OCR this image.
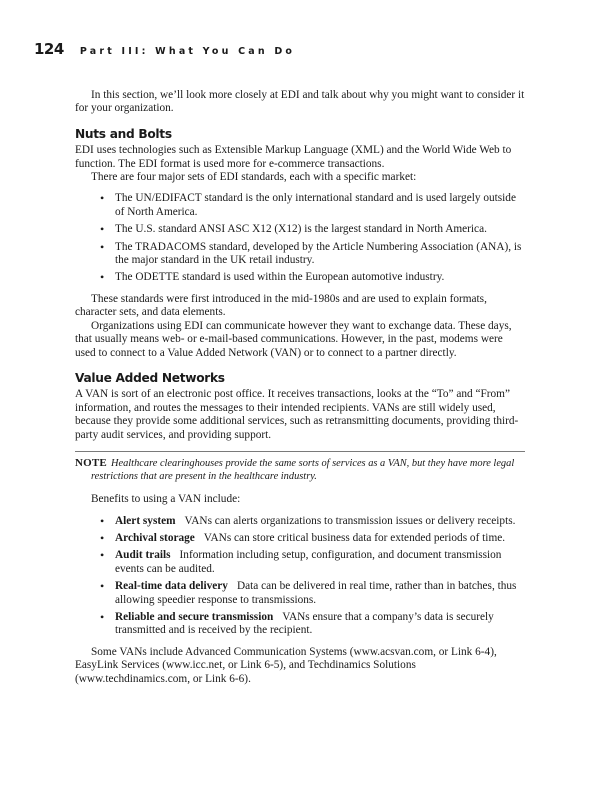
124 Part III: What You Can Do

In this section, we’ll look more closely at EDI and talk about why you might want to consider it for your organization.

Nuts and Bolts

EDI uses technologies such as Extensible Markup Language (XML) and the World Wide Web to function. The EDI format is used more for e-commerce transactions.

There are four major sets of EDI standards, each with a specific market:

• The UN/EDIFACT standard is the only international standard and is used largely outside of North America.
• The U.S. standard ANSI ASC X12 (X12) is the largest standard in North America.
• The TRADACOMS standard, developed by the Article Numbering Association (ANA), is the major standard in the UK retail industry.
• The ODETTE standard is used within the European automotive industry.

These standards were first introduced in the mid-1980s and are used to explain formats, character sets, and data elements.

Organizations using EDI can communicate however they want to exchange data. These days, that usually means web- or e-mail-based communications. However, in the past, modems were used to connect to a Value Added Network (VAN) or to connect to a partner directly.

Value Added Networks

A VAN is sort of an electronic post office. It receives transactions, looks at the “To” and “From” information, and routes the messages to their intended recipients. VANs are still widely used, because they provide some additional services, such as retransmitting documents, providing third-party audit services, and providing support.

NOTE Healthcare clearinghouses provide the same sorts of services as a VAN, but they have more legal restrictions that are present in the healthcare industry.

Benefits to using a VAN include:

• Alert system VANs can alerts organizations to transmission issues or delivery receipts.
• Archival storage VANs can store critical business data for extended periods of time.
• Audit trails Information including setup, configuration, and document transmission events can be audited.
• Real-time data delivery Data can be delivered in real time, rather than in batches, thus allowing speedier response to transmissions.
• Reliable and secure transmission VANs ensure that a company’s data is securely transmitted and is received by the recipient.

Some VANs include Advanced Communication Systems (www.acsvan.com, or Link 6-4), EasyLink Services (www.icc.net, or Link 6-5), and Techdinamics Solutions (www.techdinamics.com, or Link 6-6).
